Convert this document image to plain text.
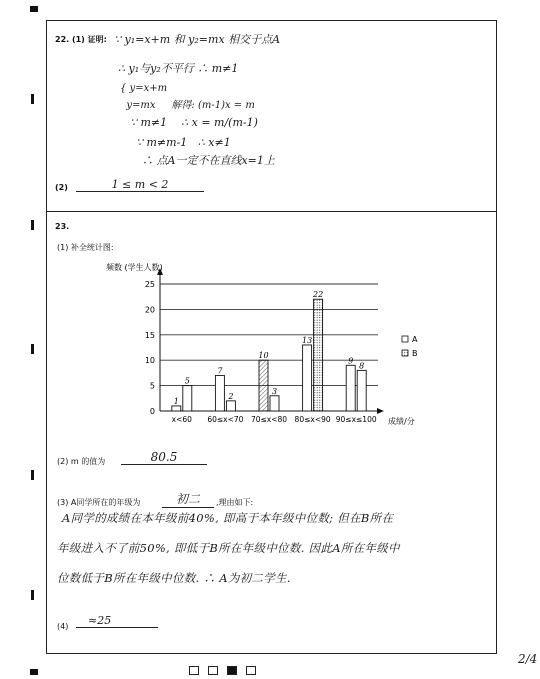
22. (1) 证明: ∵ y₁=x+m 和 y₂=mx 相交于点A
∴ y₁与y₂不平行 ∴ m≠1
{ y=x+m
y=mx     解得: (m-1)x = m
∵ m≠1    ∴ x = m/(m-1)
∵ m≠m-1   ∴ x≠1
∴ 点A一定不在直线x=1上
(2)	1 ≤ m < 2
23.
(1) 补全统计图:
频数 (学生人数)
成绩/分
0
5
10
15
20
25
1
5
7
2
10
3
13
22
9
8
x<60 60≤x<70 70≤x<80 80≤x<90 90≤x≤100
A
B
(2) m 的值为	80.5
(3) A同学所在的年级为	初二	,理由如下:
A同学的成绩在本年级前40%, 即高于本年级中位数; 但在B所在
年级进入不了前50%, 即低于B所在年级中位数. 因此A所在年级中
位数低于B所在年级中位数. ∴ A为初二学生.
(4)	≈25
2/4
